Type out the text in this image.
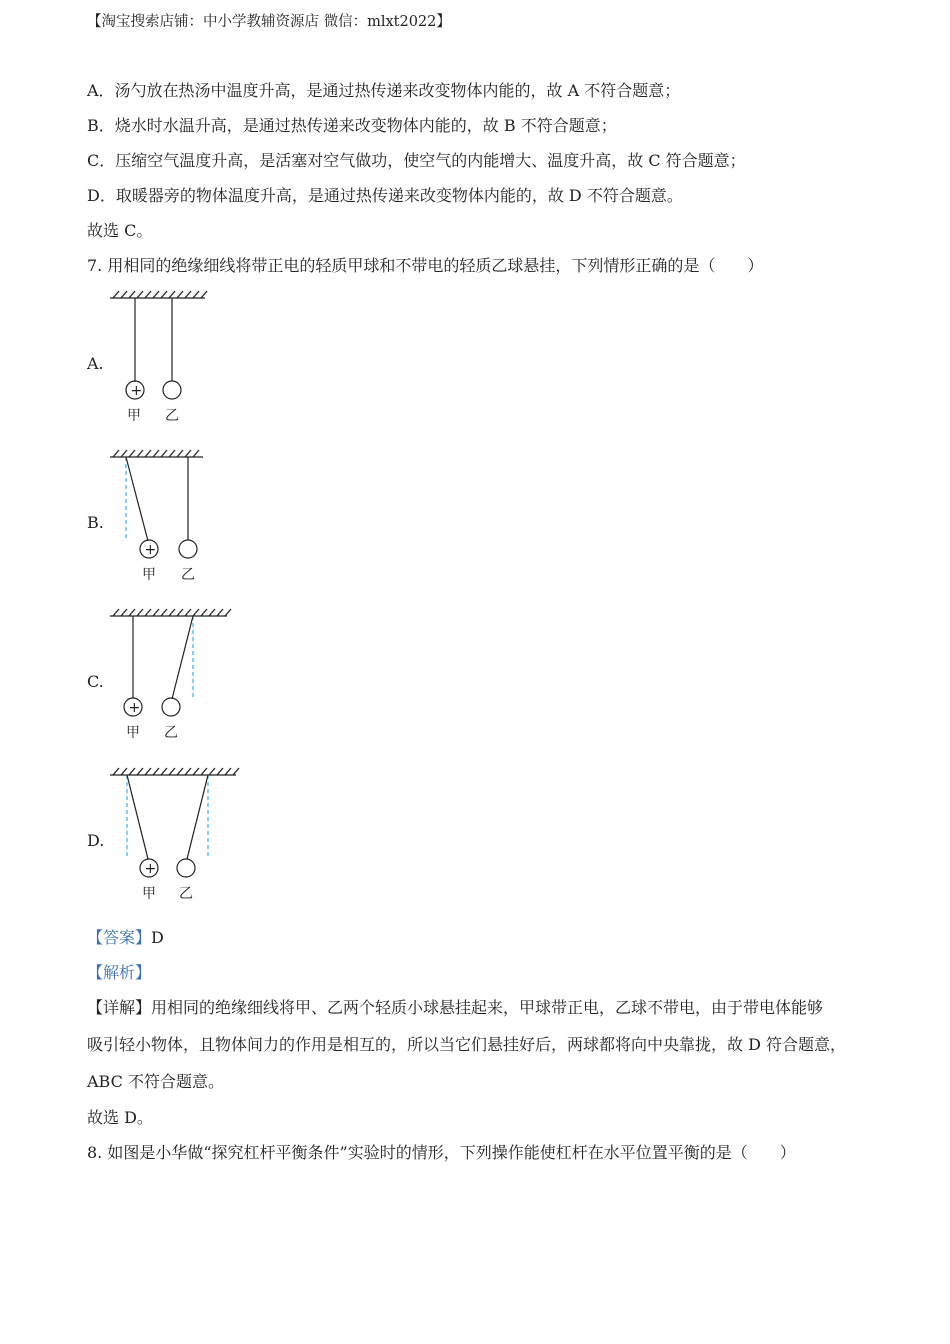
【淘宝搜索店铺：中小学教辅资源店 微信：mlxt2022】
A．汤勺放在热汤中温度升高，是通过热传递来改变物体内能的，故 A 不符合题意；
B．烧水时水温升高，是通过热传递来改变物体内能的，故 B 不符合题意；
C．压缩空气温度升高，是活塞对空气做功，使空气的内能增大、温度升高，故 C 符合题意；
D．取暖器旁的物体温度升高，是通过热传递来改变物体内能的，故 D 不符合题意。
故选 C。
7. 用相同的绝缘细线将带正电的轻质甲球和不带电的轻质乙球悬挂，下列情形正确的是（　　）
A.
+
甲 乙
B.
+
甲 乙
C.
+
甲 乙
D.
+
甲 乙
【答案】D
【解析】
【详解】用相同的绝缘细线将甲、乙两个轻质小球悬挂起来，甲球带正电，乙球不带电，由于带电体能够
吸引轻小物体，且物体间力的作用是相互的，所以当它们悬挂好后，两球都将向中央靠拢，故 D 符合题意，
ABC 不符合题意。
故选 D。
8. 如图是小华做“探究杠杆平衡条件”实验时的情形，下列操作能使杠杆在水平位置平衡的是（　　）
